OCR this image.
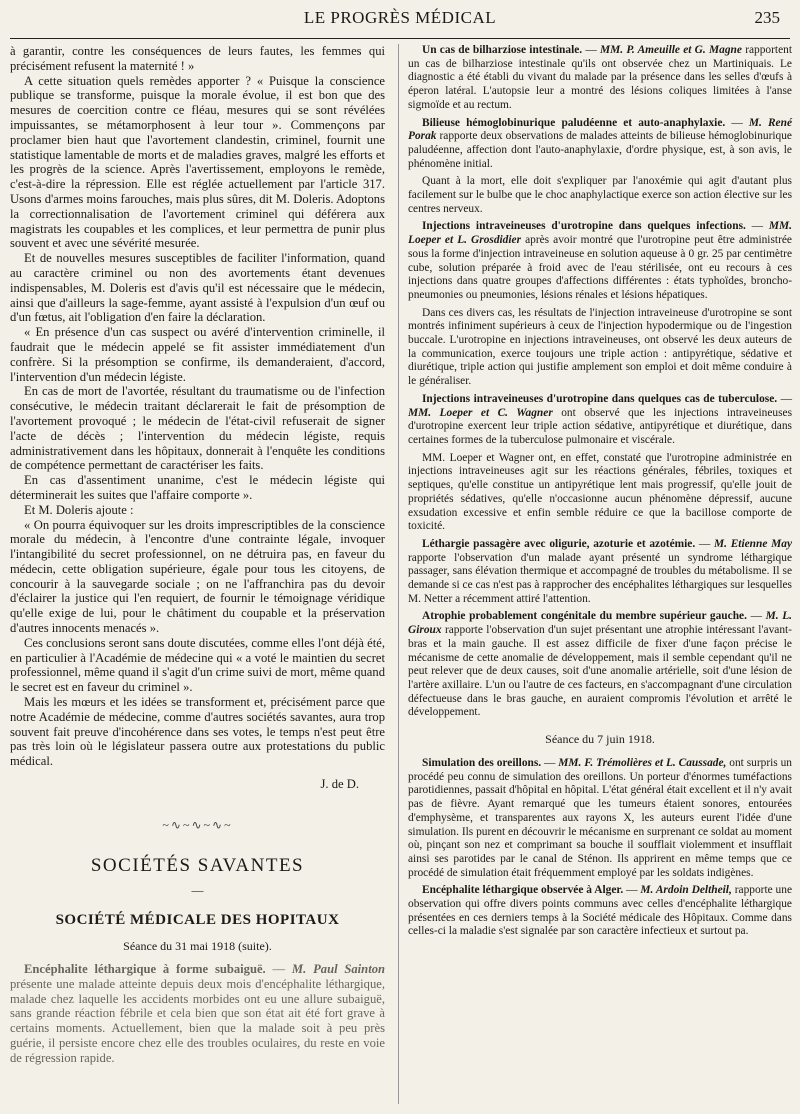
LE PROGRÈS MÉDICAL	235

à garantir, contre les conséquences de leurs fautes, les femmes qui précisément refusent la maternité ! »

A cette situation quels remèdes apporter ? « Puisque la conscience publique se transforme, puisque la morale évolue, il est bon que des mesures de coercition contre ce fléau, mesures qui se sont révélées impuissantes, se métamorphosent à leur tour ». Commençons par proclamer bien haut que l'avortement clandestin, criminel, fournit une statistique lamentable de morts et de maladies graves, malgré les efforts et les progrès de la science. Après l'avertissement, employons le remède, c'est-à-dire la répression. Elle est réglée actuellement par l'article 317. Usons d'armes moins farouches, mais plus sûres, dit M. Doleris. Adoptons la correctionnalisation de l'avortement criminel qui déférera aux magistrats les coupables et les complices, et leur permettra de punir plus souvent et avec une sévérité mesurée.

Et de nouvelles mesures susceptibles de faciliter l'information, quand au caractère criminel ou non des avortements étant devenues indispensables, M. Doleris est d'avis qu'il est nécessaire que le médecin, ainsi que d'ailleurs la sage-femme, ayant assisté à l'expulsion d'un œuf ou d'un fœtus, ait l'obligation d'en faire la déclaration.

« En présence d'un cas suspect ou avéré d'intervention criminelle, il faudrait que le médecin appelé se fit assister immédiatement d'un confrère. Si la présomption se confirme, ils demanderaient, d'accord, l'intervention d'un médecin légiste.

En cas de mort de l'avortée, résultant du traumatisme ou de l'infection consécutive, le médecin traitant déclarerait le fait de présomption de l'avortement provoqué ; le médecin de l'état-civil refuserait de signer l'acte de décès ; l'intervention du médecin légiste, requis administrativement dans les hôpitaux, donnerait à l'enquête les conditions de compétence permettant de caractériser les faits.

En cas d'assentiment unanime, c'est le médecin légiste qui déterminerait les suites que l'affaire comporte ».

Et M. Doleris ajoute :

« On pourra équivoquer sur les droits imprescriptibles de la conscience morale du médecin, à l'encontre d'une contrainte légale, invoquer l'intangibilité du secret professionnel, on ne détruira pas, en faveur du médecin, cette obligation supérieure, égale pour tous les citoyens, de concourir à la sauvegarde sociale ; on ne l'affranchira pas du devoir d'éclairer la justice qui l'en requiert, de fournir le témoignage véridique qu'elle exige de lui, pour le châtiment du coupable et la préservation d'autres innocents menacés ».

Ces conclusions seront sans doute discutées, comme elles l'ont déjà été, en particulier à l'Académie de médecine qui « a voté le maintien du secret professionnel, même quand il s'agit d'un crime suivi de mort, même quand le secret est en faveur du criminel ».

Mais les mœurs et les idées se transforment et, précisément parce que notre Académie de médecine, comme d'autres sociétés savantes, aura trop souvent fait preuve d'incohérence dans ses votes, le temps n'est peut être pas très loin où le législateur passera outre aux protestations du public médical.

J. de D.
~∿~∿~∿~
SOCIÉTÉS SAVANTES
—
SOCIÉTÉ MÉDICALE DES HOPITAUX
Séance du 31 mai 1918 (suite).

Encéphalite léthargique à forme subaiguë. — M. Paul Sainton présente une malade atteinte depuis deux mois d'encéphalite léthargique, malade chez laquelle les accidents morbides ont eu une allure subaiguë, sans grande réaction fébrile et cela bien que son état ait été fort grave à certains moments. Actuellement, bien que la malade soit à peu près guérie, il persiste encore chez elle des troubles oculaires, du reste en voie de régression rapide.

Un cas de bilharziose intestinale. — MM. P. Ameuille et G. Magne rapportent un cas de bilharziose intestinale qu'ils ont observée chez un Martiniquais. Le diagnostic a été établi du vivant du malade par la présence dans les selles d'œufs à éperon latéral. L'autopsie leur a montré des lésions coliques limitées à l'anse sigmoïde et au rectum.

Bilieuse hémoglobinurique paludéenne et auto-anaphylaxie. — M. René Porak rapporte deux observations de malades atteints de bilieuse hémoglobinurique paludéenne, affection dont l'auto-anaphylaxie, d'ordre physique, est, à son avis, le phénomène initial.

Quant à la mort, elle doit s'expliquer par l'anoxémie qui agit d'autant plus facilement sur le bulbe que le choc anaphylactique exerce son action élective sur les centres nerveux.

Injections intraveineuses d'urotropine dans quelques infections. — MM. Loeper et L. Grosdidier après avoir montré que l'urotropine peut être administrée sous la forme d'injection intraveineuse en solution aqueuse à 0 gr. 25 par centimètre cube, solution préparée à froid avec de l'eau stérilisée, ont eu recours à ces injections dans quatre groupes d'affections différentes : états typhoïdes, broncho-pneumonies ou pneumonies, lésions rénales et lésions hépatiques.

Dans ces divers cas, les résultats de l'injection intraveineuse d'urotropine se sont montrés infiniment supérieurs à ceux de l'injection hypodermique ou de l'ingestion buccale. L'urotropine en injections intraveineuses, ont observé les deux auteurs de la communication, exerce toujours une triple action : antipyrétique, sédative et diurétique, triple action qui justifie amplement son emploi et doit même conduire à le généraliser.

Injections intraveineuses d'urotropine dans quelques cas de tuberculose. — MM. Loeper et C. Wagner ont observé que les injections intraveineuses d'urotropine exercent leur triple action sédative, antipyrétique et diurétique, dans certaines formes de la tuberculose pulmonaire et viscérale.

MM. Loeper et Wagner ont, en effet, constaté que l'urotropine administrée en injections intraveineuses agit sur les réactions générales, fébriles, toxiques et septiques, qu'elle constitue un antipyrétique lent mais progressif, qu'elle jouit de propriétés sédatives, qu'elle n'occasionne aucun phénomène dépressif, aucune exsudation excessive et enfin semble réduire ce que la bacillose comporte de toxicité.

Léthargie passagère avec oligurie, azoturie et azotémie. — M. Etienne May rapporte l'observation d'un malade ayant présenté un syndrome léthargique passager, sans élévation thermique et accompagné de troubles du métabolisme. Il se demande si ce cas n'est pas à rapprocher des encéphalites léthargiques sur lesquelles M. Netter a récemment attiré l'attention.

Atrophie probablement congénitale du membre supérieur gauche. — M. L. Giroux rapporte l'observation d'un sujet présentant une atrophie intéressant l'avant-bras et la main gauche. Il est assez difficile de fixer d'une façon précise le mécanisme de cette anomalie de développement, mais il semble cependant qu'il ne peut relever que de deux causes, soit d'une anomalie artérielle, soit d'une lésion de l'artère axillaire. L'un ou l'autre de ces facteurs, en s'accompagnant d'une circulation défectueuse dans le bras gauche, en auraient compromis l'évolution et arrêté le développement.

Séance du 7 juin 1918.

Simulation des oreillons. — MM. F. Trémolières et L. Caussade, ont surpris un procédé peu connu de simulation des oreillons. Un porteur d'énormes tuméfactions parotidiennes, passait d'hôpital en hôpital. L'état général était excellent et il n'y avait pas de fièvre. Ayant remarqué que les tumeurs étaient sonores, entourées d'emphysème, et transparentes aux rayons X, les auteurs eurent l'idée d'une simulation. Ils purent en découvrir le mécanisme en surprenant ce soldat au moment où, pinçant son nez et comprimant sa bouche il soufflait violemment et insufflait ainsi ses parotides par le canal de Sténon. Ils apprirent en même temps que ce procédé de simulation était fréquemment employé par les soldats indigènes.

Encéphalite léthargique observée à Alger. — M. Ardoin Deltheil, rapporte une observation qui offre divers points communs avec celles d'encéphalite léthargique présentées en ces derniers temps à la Société médicale des Hôpitaux. Comme dans celles-ci la maladie s'est signalée par son caractère infectieux et surtout pa.
